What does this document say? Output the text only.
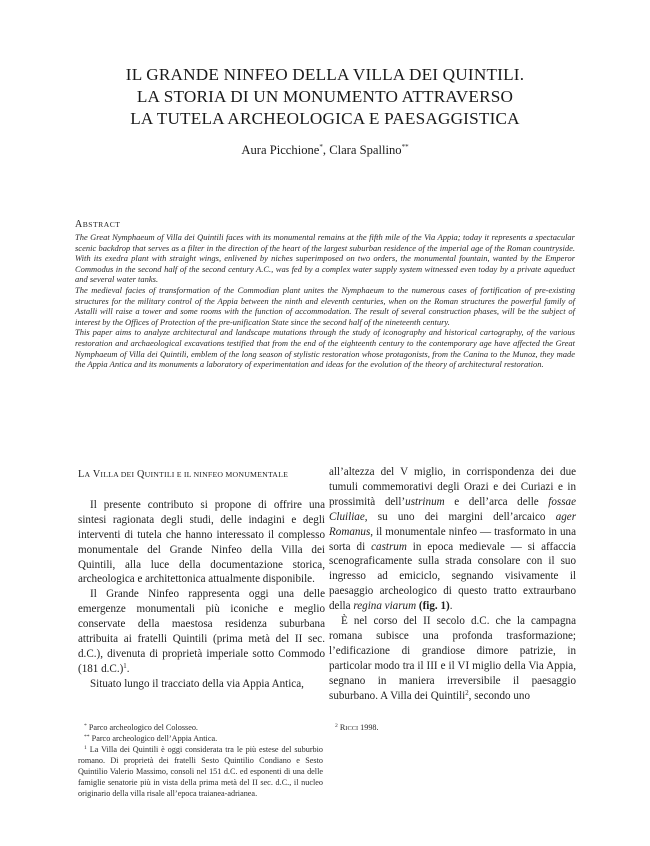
IL GRANDE NINFEO DELLA VILLA DEI QUINTILI.
LA STORIA DI UN MONUMENTO ATTRAVERSO
LA TUTELA ARCHEOLOGICA E PAESAGGISTICA
Aura Picchione*, Clara Spallino**
ABSTRACT

The Great Nymphaeum of Villa dei Quintili faces with its monumental remains at the fifth mile of the Via Appia; today it represents a spectacular scenic backdrop that serves as a filter in the direction of the heart of the largest suburban residence of the imperial age of the Roman countryside. With its exedra plant with straight wings, enlivened by niches superimposed on two orders, the monumental fountain, wanted by the Emperor Commodus in the second half of the second century A.C., was fed by a complex water supply system witnessed even today by a private aqueduct and several water tanks.

The medieval facies of transformation of the Commodian plant unites the Nymphaeum to the numerous cases of fortification of pre-existing structures for the military control of the Appia between the ninth and eleventh centuries, when on the Roman structures the powerful family of Astalli will raise a tower and some rooms with the function of accommodation. The result of several construction phases, will be the subject of interest by the Offices of Protection of the pre-unification State since the second half of the nineteenth century.

This paper aims to analyze architectural and landscape mutations through the study of iconography and historical cartography, of the various restoration and archaeological excavations testified that from the end of the eighteenth century to the contemporary age have affected the Great Nymphaeum of Villa dei Quintili, emblem of the long season of stylistic restoration whose protagonists, from the Canina to the Munoz, they made the Appia Antica and its monuments a laboratory of experimentation and ideas for the evolution of the theory of architectural restoration.

LA VILLA DEI QUINTILI E IL NINFEO MONUMENTALE

Il presente contributo si propone di offrire una sintesi ragionata degli studi, delle indagini e degli interventi di tutela che hanno interessato il complesso monumentale del Grande Ninfeo della Villa dei Quintili, alla luce della documentazione storica, archeologica e architettonica attualmente disponibile.

Il Grande Ninfeo rappresenta oggi una delle emergenze monumentali più iconiche e meglio conservate della maestosa residenza suburbana attribuita ai fratelli Quintili (prima metà del II sec. d.C.), divenuta di proprietà imperiale sotto Commodo (181 d.C.)$^1$.

Situato lungo il tracciato della via Appia Antica,

all’altezza del V miglio, in corrispondenza dei due tumuli commemorativi degli Orazi e dei Curiazi e in prossimità dell’ustrinum e dell’arca delle fossae Cluiliae, su uno dei margini dell’arcaico ager Romanus, il monumentale ninfeo — trasformato in una sorta di castrum in epoca medievale — si affaccia scenograficamente sulla strada consolare con il suo ingresso ad emiciclo, segnando visivamente il paesaggio archeologico di questo tratto extraurbano della regina viarum (fig. 1).

È nel corso del II secolo d.C. che la campagna romana subisce una profonda trasformazione; l’edificazione di grandiose dimore patrizie, in particolar modo tra il III e il VI miglio della Via Appia, segnano in maniera irreversibile il paesaggio suburbano. A Villa dei Quintili$^2$, secondo uno

* Parco archeologico del Colosseo.

** Parco archeologico dell’Appia Antica.

$^1$ La Villa dei Quintili è oggi considerata tra le più estese del suburbio romano. Di proprietà dei fratelli Sesto Quintilio Condiano e Sesto Quintilio Valerio Massimo, consoli nel 151 d.C. ed esponenti di una delle famiglie senatorie più in vista della prima metà del II sec. d.C., il nucleo originario della villa risale all’epoca traianea-adrianea.

$^2$ RICCI 1998.
